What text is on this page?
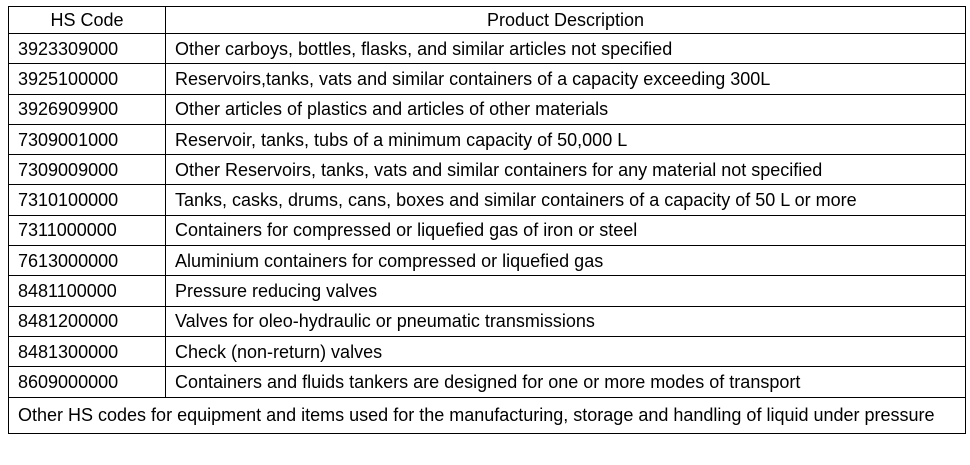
HS Code	Product Description
3923309000	Other carboys, bottles, flasks, and similar articles not specified
3925100000	Reservoirs,tanks, vats and similar containers of a capacity exceeding 300L
3926909900	Other articles of plastics and articles of other materials
7309001000	Reservoir, tanks, tubs of a minimum capacity of 50,000 L
7309009000	Other Reservoirs, tanks, vats and similar containers for any material not specified
7310100000	Tanks, casks, drums, cans, boxes and similar containers of a capacity of 50 L or more
7311000000	Containers for compressed or liquefied gas of iron or steel
7613000000	Aluminium containers for compressed or liquefied gas
8481100000	Pressure reducing valves
8481200000	Valves for oleo-hydraulic or pneumatic transmissions
8481300000	Check (non-return) valves
8609000000	Containers and fluids tankers are designed for one or more modes of transport
Other HS codes for equipment and items used for the manufacturing, storage and handling of liquid under pressure	
